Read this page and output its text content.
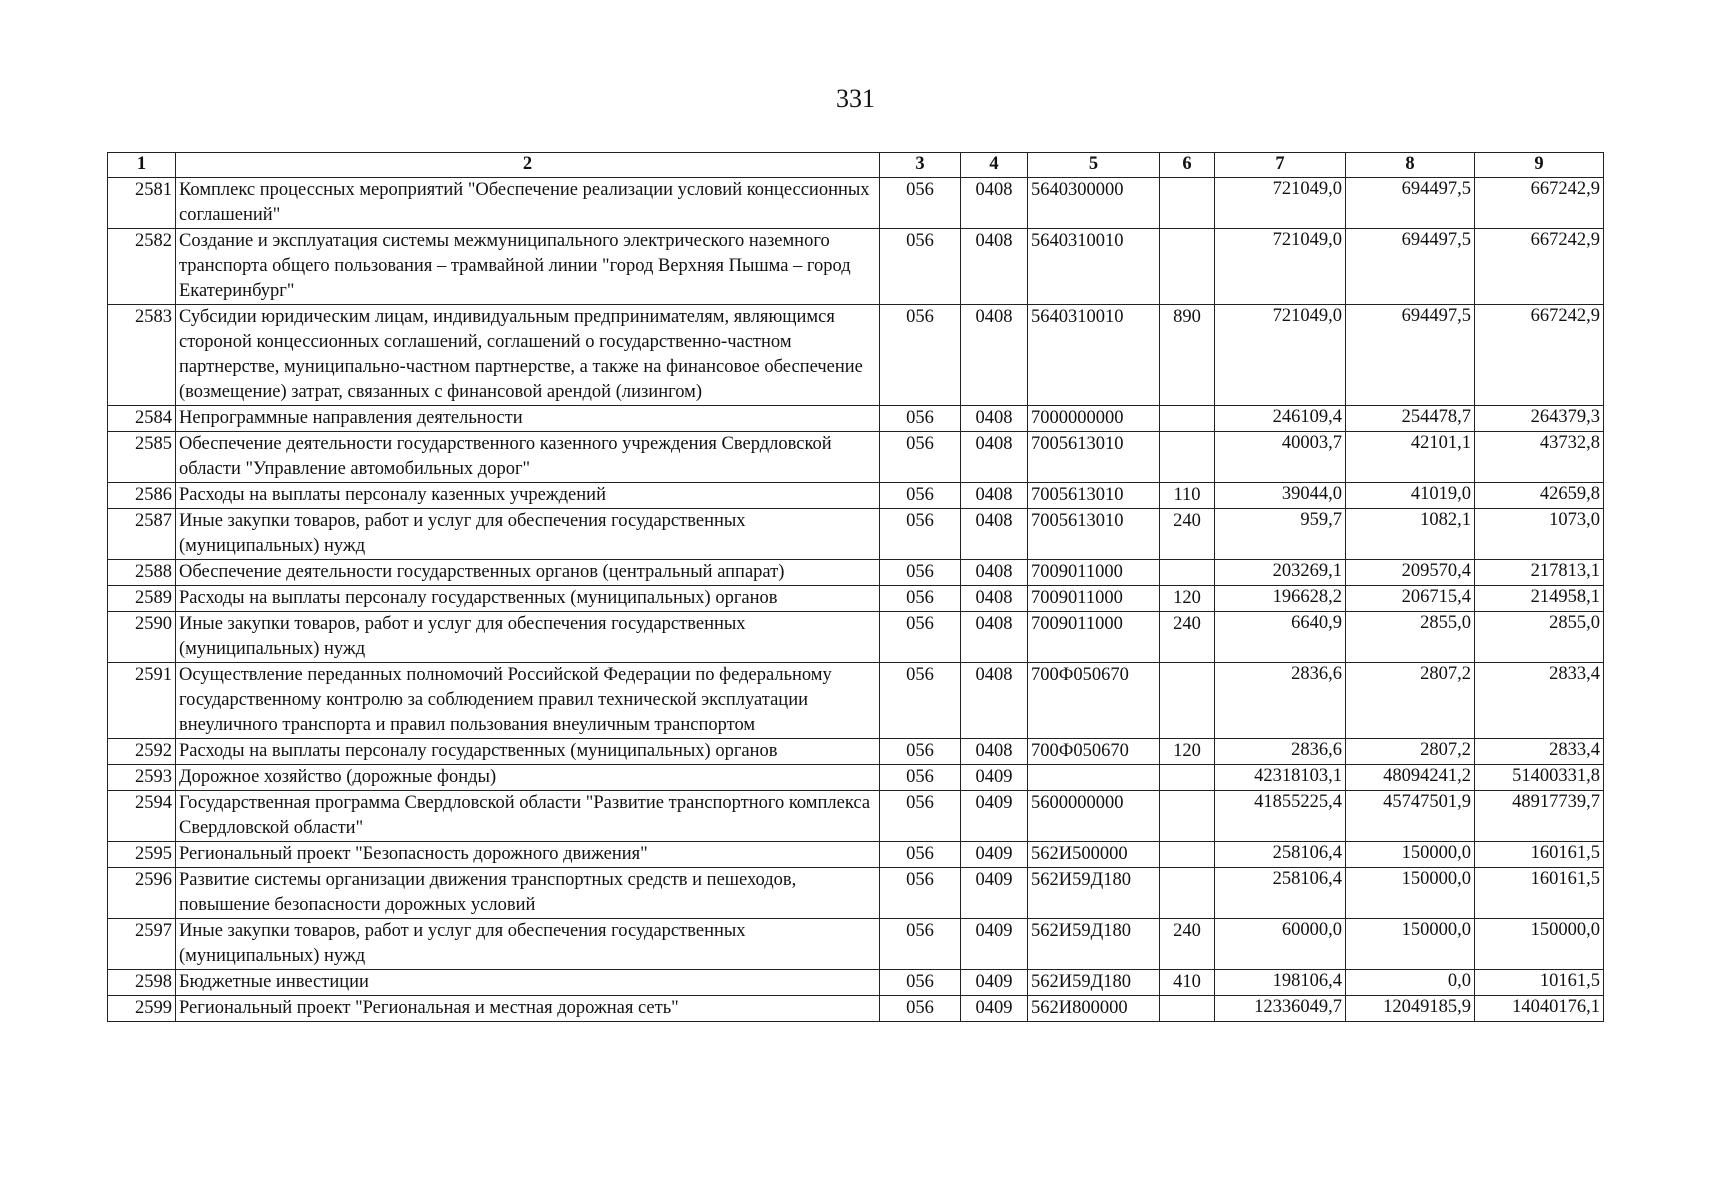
331
1	2	3	4	5	6	7	8	9
2581	Комплекс процессных мероприятий "Обеспечение реализации условий концессионных соглашений"	056	0408	5640300000		721049,0	694497,5	667242,9
2582	Создание и эксплуатация системы межмуниципального электрического наземного транспорта общего пользования – трамвайной линии "город Верхняя Пышма – город Екатеринбург"	056	0408	5640310010		721049,0	694497,5	667242,9
2583	Субсидии юридическим лицам, индивидуальным предпринимателям, являющимся стороной концессионных соглашений, соглашений о государственно-частном партнерстве, муниципально-частном партнерстве, а также на финансовое обеспечение (возмещение) затрат, связанных с финансовой арендой (лизингом)	056	0408	5640310010	890	721049,0	694497,5	667242,9
2584	Непрограммные направления деятельности	056	0408	7000000000		246109,4	254478,7	264379,3
2585	Обеспечение деятельности государственного казенного учреждения Свердловской области "Управление автомобильных дорог"	056	0408	7005613010		40003,7	42101,1	43732,8
2586	Расходы на выплаты персоналу казенных учреждений	056	0408	7005613010	110	39044,0	41019,0	42659,8
2587	Иные закупки товаров, работ и услуг для обеспечения государственных (муниципальных) нужд	056	0408	7005613010	240	959,7	1082,1	1073,0
2588	Обеспечение деятельности государственных органов (центральный аппарат)	056	0408	7009011000		203269,1	209570,4	217813,1
2589	Расходы на выплаты персоналу государственных (муниципальных) органов	056	0408	7009011000	120	196628,2	206715,4	214958,1
2590	Иные закупки товаров, работ и услуг для обеспечения государственных (муниципальных) нужд	056	0408	7009011000	240	6640,9	2855,0	2855,0
2591	Осуществление переданных полномочий Российской Федерации по федеральному государственному контролю за соблюдением правил технической эксплуатации внеуличного транспорта и правил пользования внеуличным транспортом	056	0408	700Ф050670		2836,6	2807,2	2833,4
2592	Расходы на выплаты персоналу государственных (муниципальных) органов	056	0408	700Ф050670	120	2836,6	2807,2	2833,4
2593	Дорожное хозяйство (дорожные фонды)	056	0409			42318103,1	48094241,2	51400331,8
2594	Государственная программа Свердловской области "Развитие транспортного комплекса Свердловской области"	056	0409	5600000000		41855225,4	45747501,9	48917739,7
2595	Региональный проект "Безопасность дорожного движения"	056	0409	562И500000		258106,4	150000,0	160161,5
2596	Развитие системы организации движения транспортных средств и пешеходов, повышение безопасности дорожных условий	056	0409	562И59Д180		258106,4	150000,0	160161,5
2597	Иные закупки товаров, работ и услуг для обеспечения государственных (муниципальных) нужд	056	0409	562И59Д180	240	60000,0	150000,0	150000,0
2598	Бюджетные инвестиции	056	0409	562И59Д180	410	198106,4	0,0	10161,5
2599	Региональный проект "Региональная и местная дорожная сеть"	056	0409	562И800000		12336049,7	12049185,9	14040176,1
